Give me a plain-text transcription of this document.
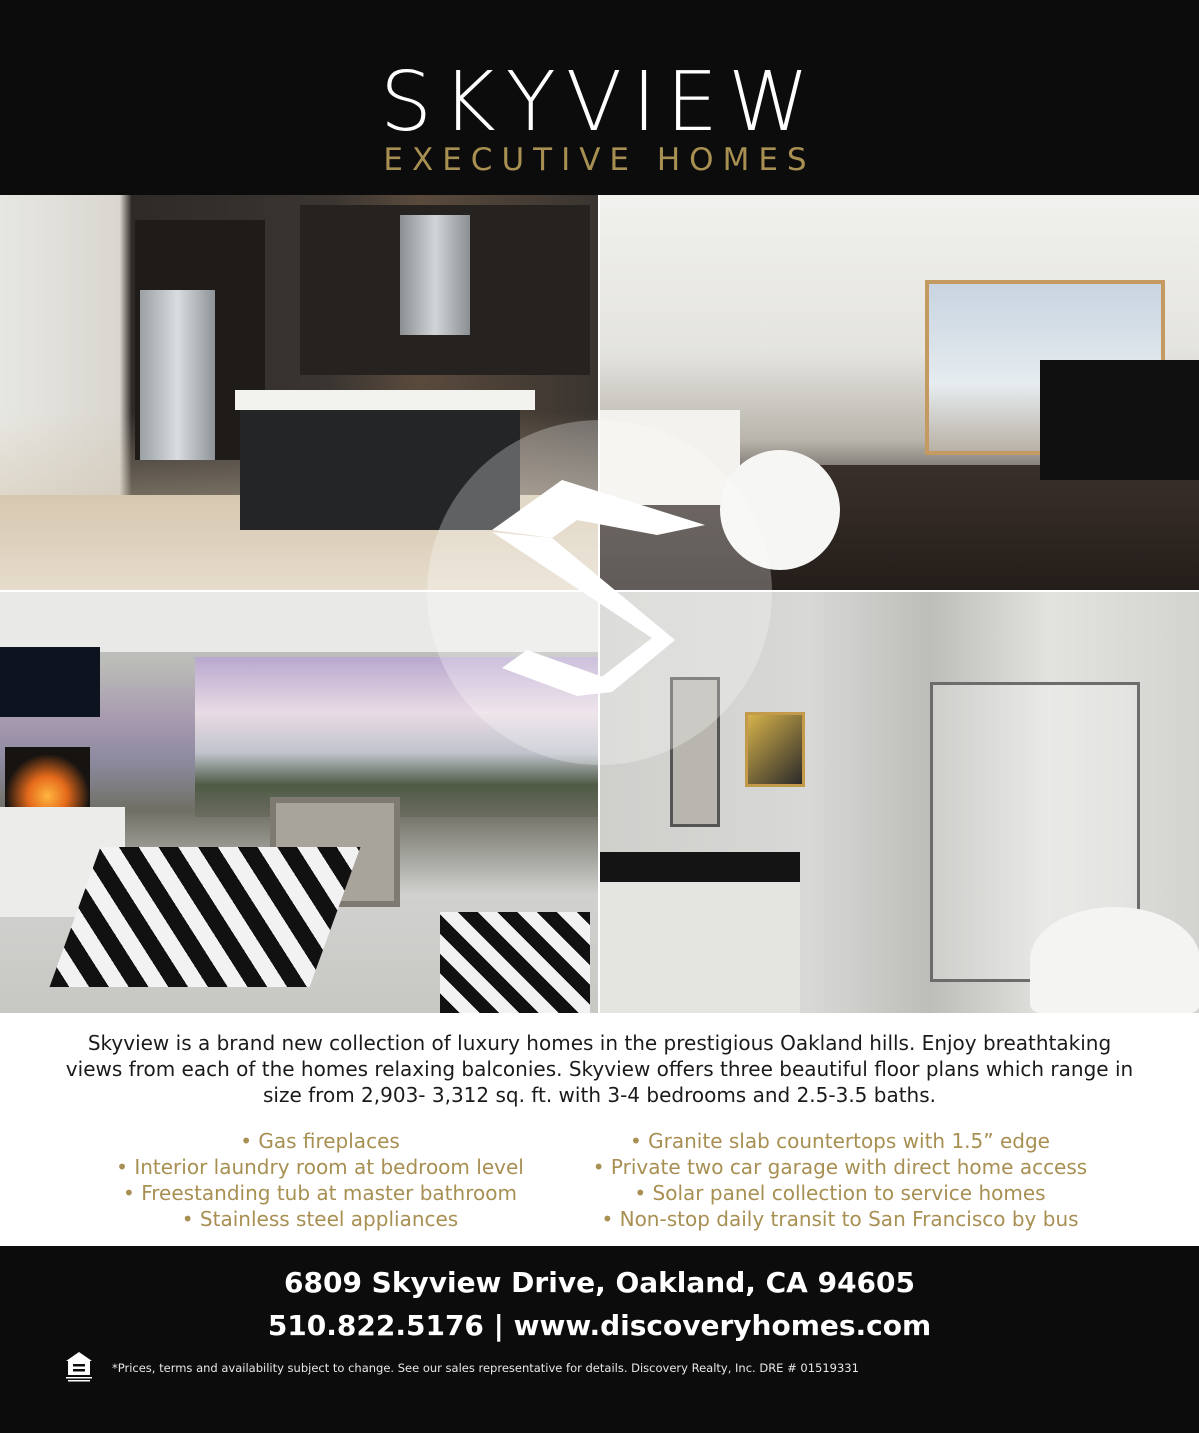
SKYVIEW
EXECUTIVE HOMES
Skyview is a brand new collection of luxury homes in the prestigious Oakland hills. Enjoy breathtaking views from each of the homes relaxing balconies. Skyview offers three beautiful floor plans which range in size from 2,903- 3,312 sq. ft. with 3-4 bedrooms and 2.5-3.5 baths.
• Gas fireplaces
• Interior laundry room at bedroom level
• Freestanding tub at master bathroom
• Stainless steel appliances
• Granite slab countertops with 1.5” edge
• Private two car garage with direct home access
• Solar panel collection to service homes
• Non-stop daily transit to San Francisco by bus
6809 Skyview Drive, Oakland, CA 94605
510.822.5176 | www.discoveryhomes.com
*Prices, terms and availability subject to change. See our sales representative for details. Discovery Realty, Inc. DRE # 01519331
